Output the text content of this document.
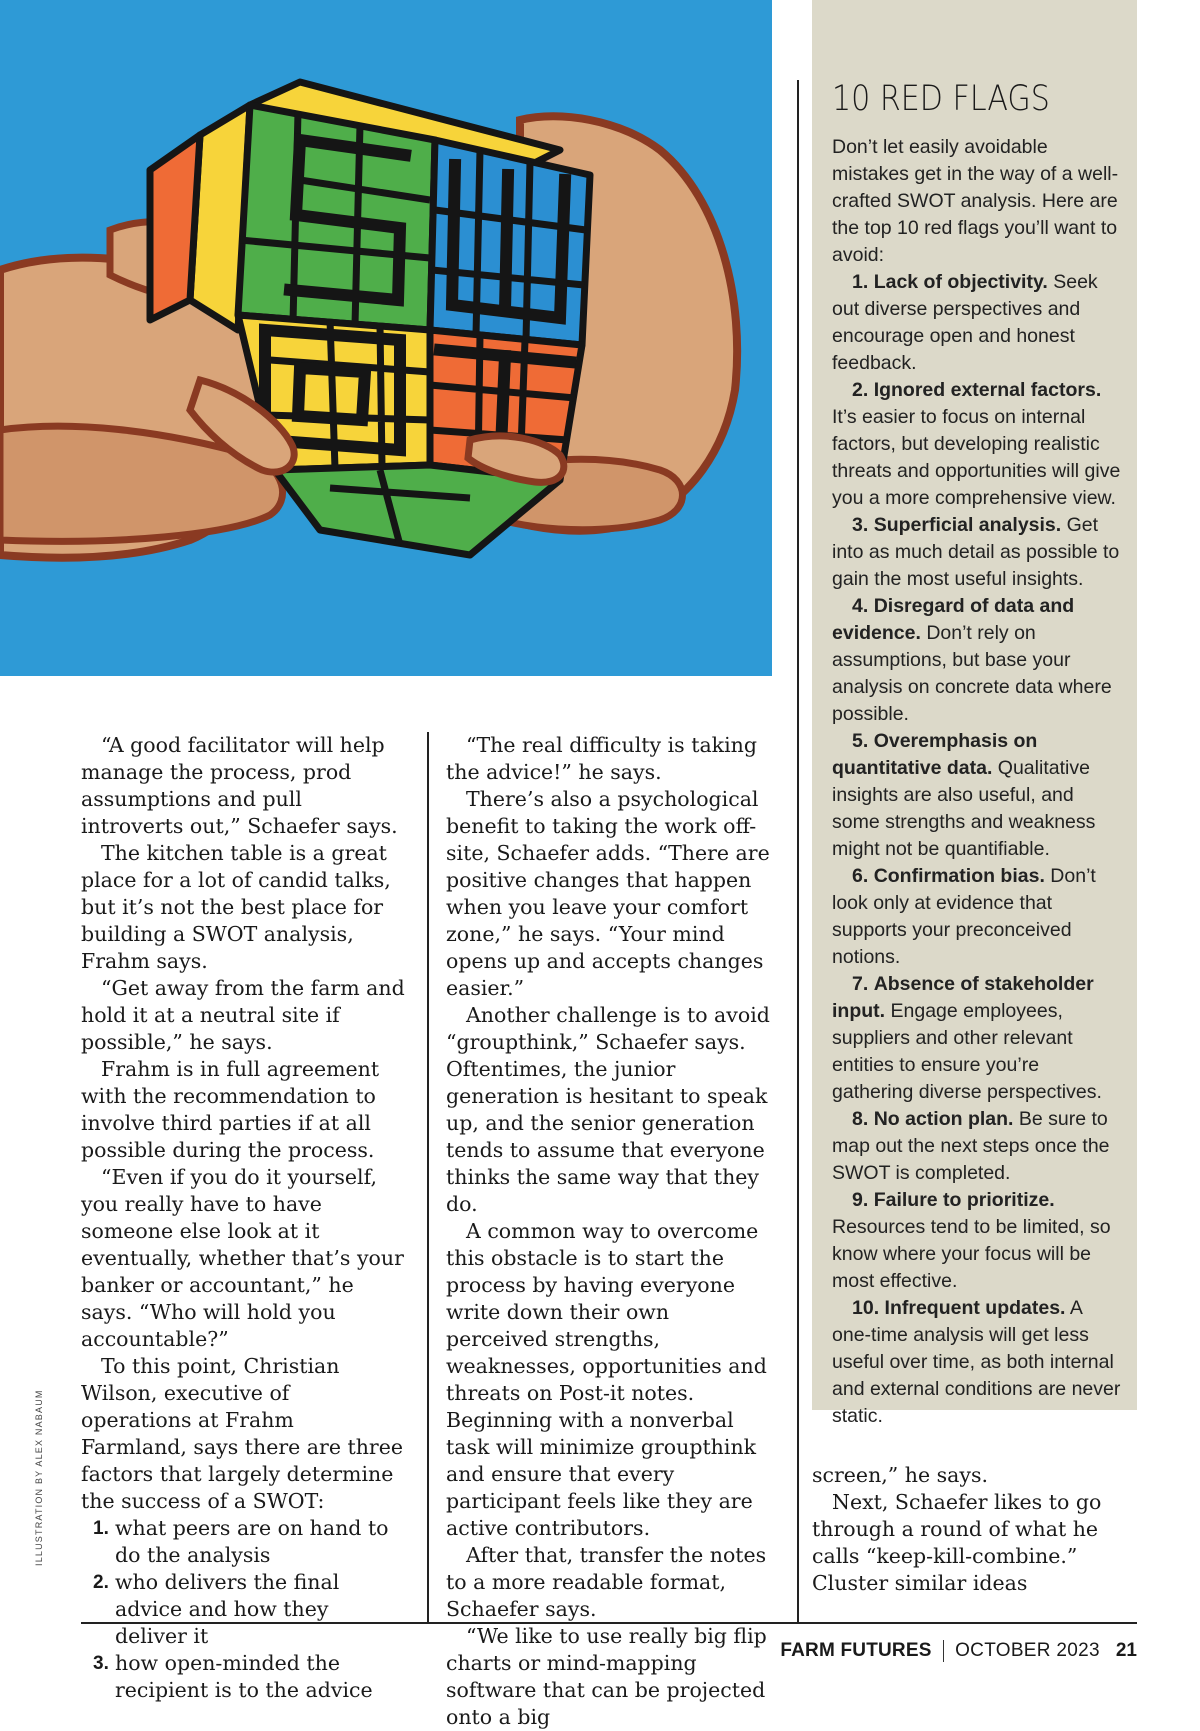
10 RED FLAGS
Don’t let easily avoidable mistakes get in the way of a well-crafted SWOT analysis. Here are the top 10 red flags you’ll want to avoid:
1. Lack of objectivity. Seek out diverse perspectives and encourage open and honest feedback.
2. Ignored external factors. It’s easier to focus on internal factors, but developing realistic threats and opportunities will give you a more comprehensive view.
3. Superficial analysis. Get into as much detail as possible to gain the most useful insights.
4. Disregard of data and evidence. Don’t rely on assumptions, but base your analysis on concrete data where possible.
5. Overemphasis on quantitative data. Qualitative insights are also useful, and some strengths and weakness might not be quantifiable.
6. Confirmation bias. Don’t look only at evidence that supports your preconceived notions.
7. Absence of stakeholder input. Engage employees, suppliers and other relevant entities to ensure you’re gathering diverse perspectives.
8. No action plan. Be sure to map out the next steps once the SWOT is completed.
9. Failure to prioritize. Resources tend to be limited, so know where your focus will be most effective.
10. Infrequent updates. A one-time analysis will get less useful over time, as both internal and external conditions are never static.

“A good facilitator will help manage the process, prod assumptions and pull introverts out,” Schaefer says.

The kitchen table is a great place for a lot of candid talks, but it’s not the best place for building a SWOT analysis, Frahm says.

“Get away from the farm and hold it at a neutral site if possible,” he says.

Frahm is in full agreement with the recommendation to involve third parties if at all possible during the process.

“Even if you do it yourself, you really have to have someone else look at it eventually, whether that’s your banker or accountant,” he says. “Who will hold you accountable?”

To this point, Christian Wilson, executive of operations at Frahm Farmland, says there are three factors that largely determine the success of a SWOT:

1. what peers are on hand to do the analysis
2. who delivers the final advice and how they deliver it
3. how open-minded the recipient is to the advice

“The real difficulty is taking the advice!” he says.

There’s also a psychological benefit to taking the work off-site, Schaefer adds. “There are positive changes that happen when you leave your comfort zone,” he says. “Your mind opens up and accepts changes easier.”

Another challenge is to avoid “groupthink,” Schaefer says. Oftentimes, the junior generation is hesitant to speak up, and the senior generation tends to assume that everyone thinks the same way that they do.

A common way to overcome this obstacle is to start the process by having everyone write down their own perceived strengths, weaknesses, opportunities and threats on Post-it notes. Beginning with a nonverbal task will minimize groupthink and ensure that every participant feels like they are active contributors.

After that, transfer the notes to a more readable format, Schaefer says.

“We like to use really big flip charts or mind-mapping software that can be projected onto a big

screen,” he says.

Next, Schaefer likes to go through a round of what he calls “keep-kill-combine.” Cluster similar ideas

ILLUSTRATION BY ALEX NABAUM
FARM FUTURES OCTOBER 2023 21
